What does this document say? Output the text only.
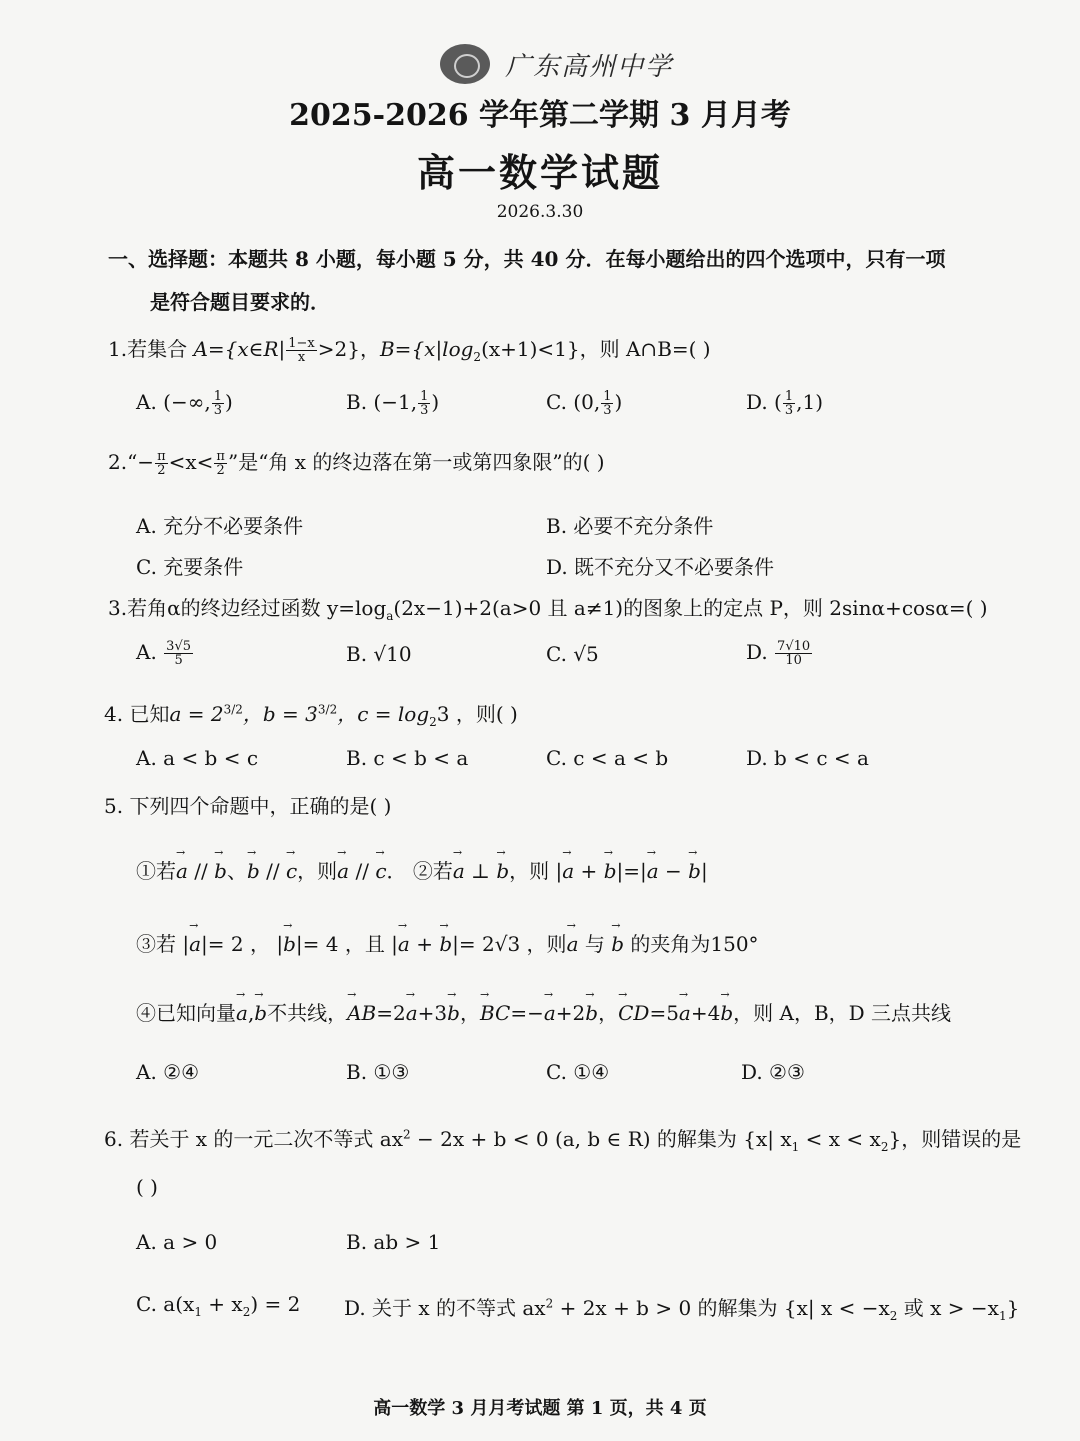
广东高州中学
2025-2026 学年第二学期 3 月月考
高一数学试题
2026.3.30
一、选择题：本题共 8 小题，每小题 5 分，共 40 分．在每小题给出的四个选项中，只有一项
是符合题目要求的．
1.若集合 A={x∈R| $\frac{1-x}{x} >2$}，$B=\{x|\log_2(x+1)<1\}$，则 A∩B=( )
A. (−∞, $\frac{1}{3}$ )	B. (−1, $\frac{1}{3}$ )	C. (0, $\frac{1}{3}$ )	D. ( $\frac{1}{3} ,1$)
2.“− $\frac{\pi}{2} <x< \frac{\pi}{2}$ ”是“角 x 的终边落在第一或第四象限”的( )
A. 充分不必要条件	B. 必要不充分条件
C. 充要条件	D. 既不充分又不必要条件
3.若角α的终边经过函数 $y=\log_a(2x-1)+2(a>0$ 且 a≠1)的图象上的定点 P，则 2sinα+cosα=( )
A. $\frac{3√5}{5}$	B. √10	C. √5	D. $\frac{7√10}{10}$
4. 已知$a = 2^{3/2}$，$b = 3^{3/2}$，$c = \log_23$ ，则( )
A. a < b < c	B. c < b < a	C. c < a < b	D. b < c < a
5. 下列四个命题中，正确的是( )
①若→ a // → b、→ b // → c，则→ a // → c． ②若→ a ⊥ → b，则 |→ a + → b|=|→ a − → b|
③若 |→ a|= 2 ， |→ b|= 4 ，且 |→ a + → b|= 2√3 ，则→ a 与 → b 的夹角为150°
④已知向量→ a,→ b不共线，→ AB=2→ a+3→ b，→ BC=−→ a+2→ b，→ CD=5→ a+4→ b，则 A，B，D 三点共线
A. ②④	B. ①③	C. ①④	D. ②③
6. 若关于 x 的一元二次不等式 $ax^2 - 2x + b < 0$ (a, b ∈ R) 的解集为 {x| $x_1 < x < x_2$}，则错误的是
( )
A. a > 0	B. ab > 1
C. $a(x_1 + x_2) = 2$ D. 关于 x 的不等式 $ax^2 + 2x + b > 0$ 的解集为 {x| $x < -x_2$ 或 $x > -x_1$}
高一数学 3 月月考试题 第 1 页，共 4 页
